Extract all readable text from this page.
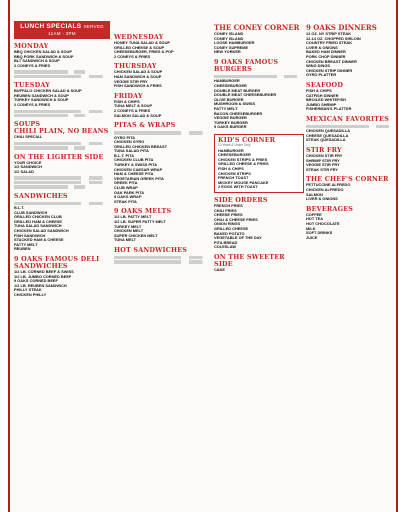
LUNCH SPECIALS SERVED 11AM - 3PM
MONDAY
BBQ CHICKEN SALAD & SOUP
BBQ PORK SANDWICH & SOUP
BLT SANDWICH & SOUP
2 CONEYS & FRIES
TUESDAY
BUFFALO CHICKEN SALAD & SOUP
REUBEN SANDWICH & SOUP
TURKEY SANDWICH & SOUP
2 CONEYS & FRIES
SOUPS
CHILI PLAIN, NO BEANS
CHILI SPECIAL
ON THE LIGHTER SIDE
YOUR CHOICE
1/2 SANDWICH
1/2 SALAD
SANDWICHES
B.L.T.
CLUB SANDWICH
GRILLED CHICKEN CLUB
GRILLED HAM & CHEESE
TUNA SALAD SANDWICH
CHICKEN SALAD SANDWICH
FISH SANDWICH
STACKED HAM & CHEESE
PATTY MELT
REUBEN
9 OAKS FAMOUS DELI SANDWICHES
1/2 LB. CORNED BEEF & SWISS
1/2 LB. JUMBO CORNED BEEF
9 OAKS CORNED BEEF
1/2 LB. REUBEN SANDWICH
PHILLY STEAK
CHICKEN PHILLY
WEDNESDAY
HONEY TUNA SALAD & SOUP
GRILLED CHEESE & SOUP
CHEESEBURGER, FRIES & POP
2 CONEYS & FRIES
THURSDAY
CHICKEN SALAD & SOUP
HAM SANDWICH & SOUP
VEGGIE STIR FRY
FISH SANDWICH & FRIES
FRIDAY
FISH & CHIPS
TUNA MELT & SOUP
2 CONEYS & FRIES
SALMON SALAD & SOUP
PITAS & WRAPS
GYRO PITA
CHICKEN GYRO
GRILLED CHICKEN BREAST
TUNA SALAD PITA
B.L.T. PITA
CHICKEN CLUB PITA
TURKEY & SWISS PITA
CHICKEN CAESAR WRAP
HAM & CHEESE PITA
VEGETARIAN GREEK PITA
GREEK PITA
CLUB WRAP
OAK PARK PITA
9 OAKS WRAP
STEAK PITA
9 OAKS MELTS
1/2 LB. PATTY MELT
1/2 LB. SUPER PATTY MELT
TURKEY MELT
CHICKEN MELT
SUPER CHICKEN MELT
TUNA MELT
HOT SANDWICHES
THE CONEY CORNER
CONEY ISLAND
CONEY ISLAND
LOOSE HAMBURGER
CONEY SUPREME
NEW YORKER
9 OAKS FAMOUS BURGERS
HAMBURGER
CHEESEBURGER
DOUBLE MEAT BURGER
DOUBLE MEAT CHEESEBURGER
OLIVE BURGER
MUSHROOM & SWISS
PATTY MELT
BACON CHEESEBURGER
VEGGIE BURGER
TURKEY BURGER
9 OAKS BURGER
KID'S CORNER
10 Years & Under Only
HAMBURGER
CHEESEBURGER
CHICKEN STRIPS & FRIES
GRILLED CHEESE & FRIES
FISH & CHIPS
CHICKEN STRIPS
FRENCH TOAST
MICKEY MOUSE PANCAKE
2 EGGS WITH TOAST
SIDE ORDERS
FRENCH FRIES
CHILI FRIES
CHEESE FRIES
CHILI & CHEESE FRIES
ONION RINGS
GRILLED CHEESE
BAKED POTATO
VEGETABLE OF THE DAY
PITA BREAD
COLESLAW
ON THE SWEETER SIDE
CAKE
9 OAKS DINNERS
12 OZ. NY STRIP STEAK
12-14 OZ. CHOPPED SIRLOIN
COUNTRY FRIED STEAK
LIVER & ONIONS
BAKED HAM DINNER
PORK CHOP DINNER
CHICKEN BREAST DINNER
WING DINGS
CHICKEN STRIP DINNER
GYRO PLATTER
SEAFOOD
FISH & CHIPS
CATFISH DINNER
BROILED WHITEFISH
JUMBO SHRIMP
FISHERMAN'S PLATTER
MEXICAN FAVORITES
CHICKEN QUESADILLA
CHEESE QUESADILLA
STEAK QUESADILLA
STIR FRY
CHICKEN STIR FRY
SHRIMP STIR FRY
VEGGIE STIR FRY
STEAK STIR FRY
THE CHEF'S CORNER
FETTUCCINE ALFREDO
CHICKEN ALFREDO
SALMON
LIVER & ONIONS
BEVERAGES
COFFEE
HOT TEA
HOT CHOCOLATE
MILK
SOFT DRINKS
JUICE
